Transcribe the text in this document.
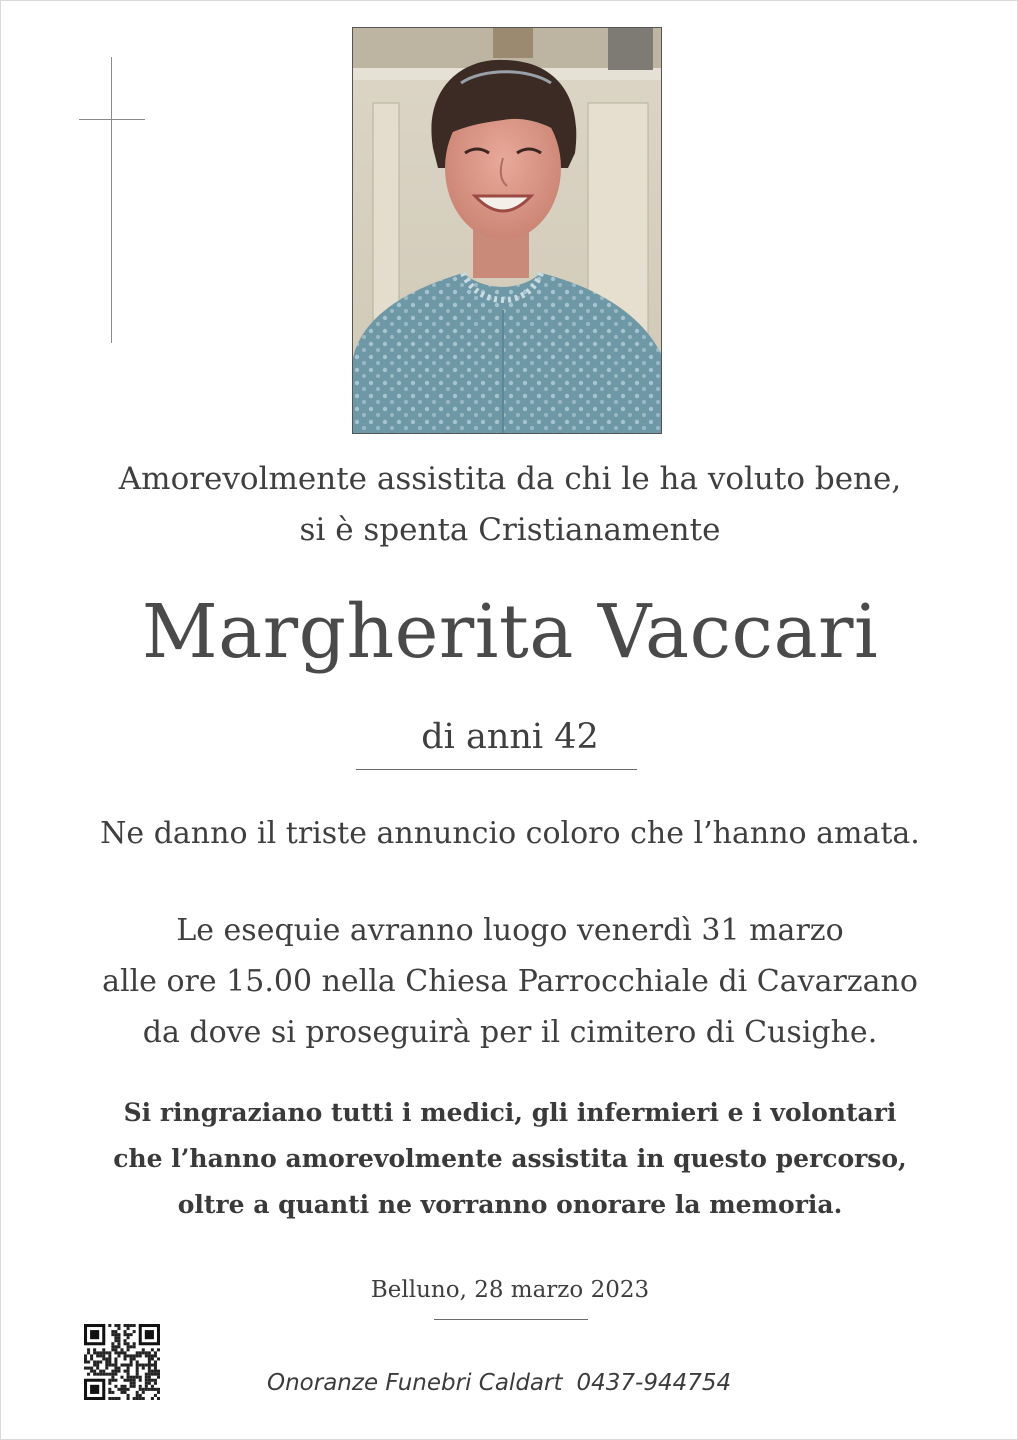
Amorevolmente assistita da chi le ha voluto bene,
si è spenta Cristianamente
Margherita Vaccari
di anni 42
Ne danno il triste annuncio coloro che l’hanno amata.
Le esequie avranno luogo venerdì 31 marzo
alle ore 15.00 nella Chiesa Parrocchiale di Cavarzano
da dove si proseguirà per il cimitero di Cusighe.
Si ringraziano tutti i medici, gli infermieri e i volontari
che l’hanno amorevolmente assistita in questo percorso,
oltre a quanti ne vorranno onorare la memoria.
Belluno, 28 marzo 2023
Onoranze Funebri Caldart 0437-944754
